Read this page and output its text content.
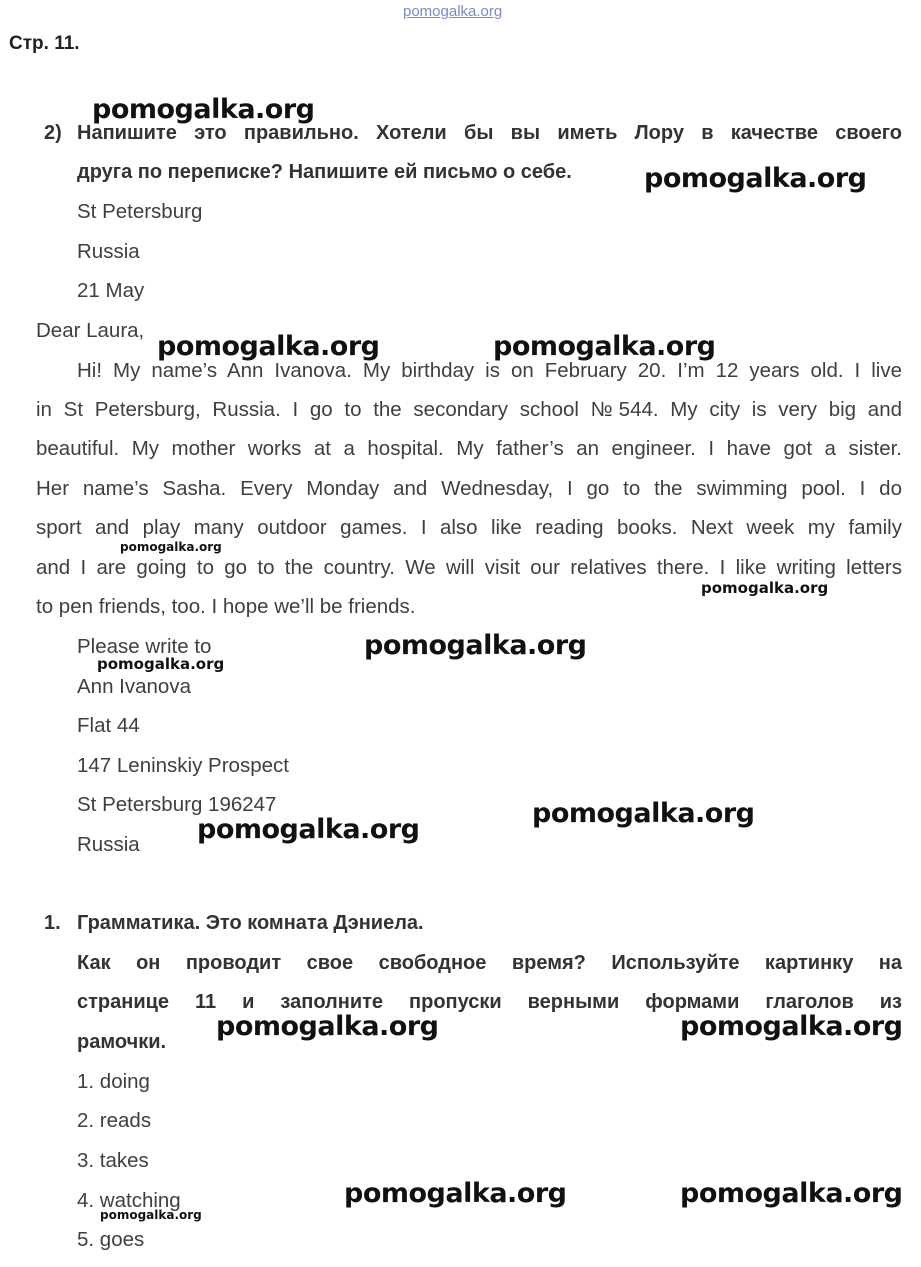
pomogalka.org
Стр. 11.
2) Напишите это правильно. Хотели бы вы иметь Лору в качестве своего
друга по переписке? Напишите ей письмо о себе.
St Petersburg
Russia
21 May
Dear Laura,
Hi! My name’s Ann Ivanova. My birthday is on February 20. I’m 12 years old. I live
in St Petersburg, Russia. I go to the secondary school №544. My city is very big and
beautiful. My mother works at a hospital. My father’s an engineer. I have got a sister.
Her name’s Sasha. Every Monday and Wednesday, I go to the swimming pool. I do
sport and play many outdoor games. I also like reading books. Next week my family
and I are going to go to the country. We will visit our relatives there. I like writing letters
to pen friends, too. I hope we’ll be friends.
Please write to
Ann Ivanova
Flat 44
147 Leninskiy Prospect
St Petersburg 196247
Russia
1. Грамматика. Это комната Дэниела.
Как он проводит свое свободное время? Используйте картинку на
странице 11 и заполните пропуски верными формами глаголов из
рамочки.
1. doing
2. reads
3. takes
4. watching
5. goes
pomogalka.org
pomogalka.org
pomogalka.org	pomogalka.org
pomogalka.org
pomogalka.org
pomogalka.org
pomogalka.org
pomogalka.org
pomogalka.org
pomogalka.org	pomogalka.org
pomogalka.org	pomogalka.org
pomogalka.org
